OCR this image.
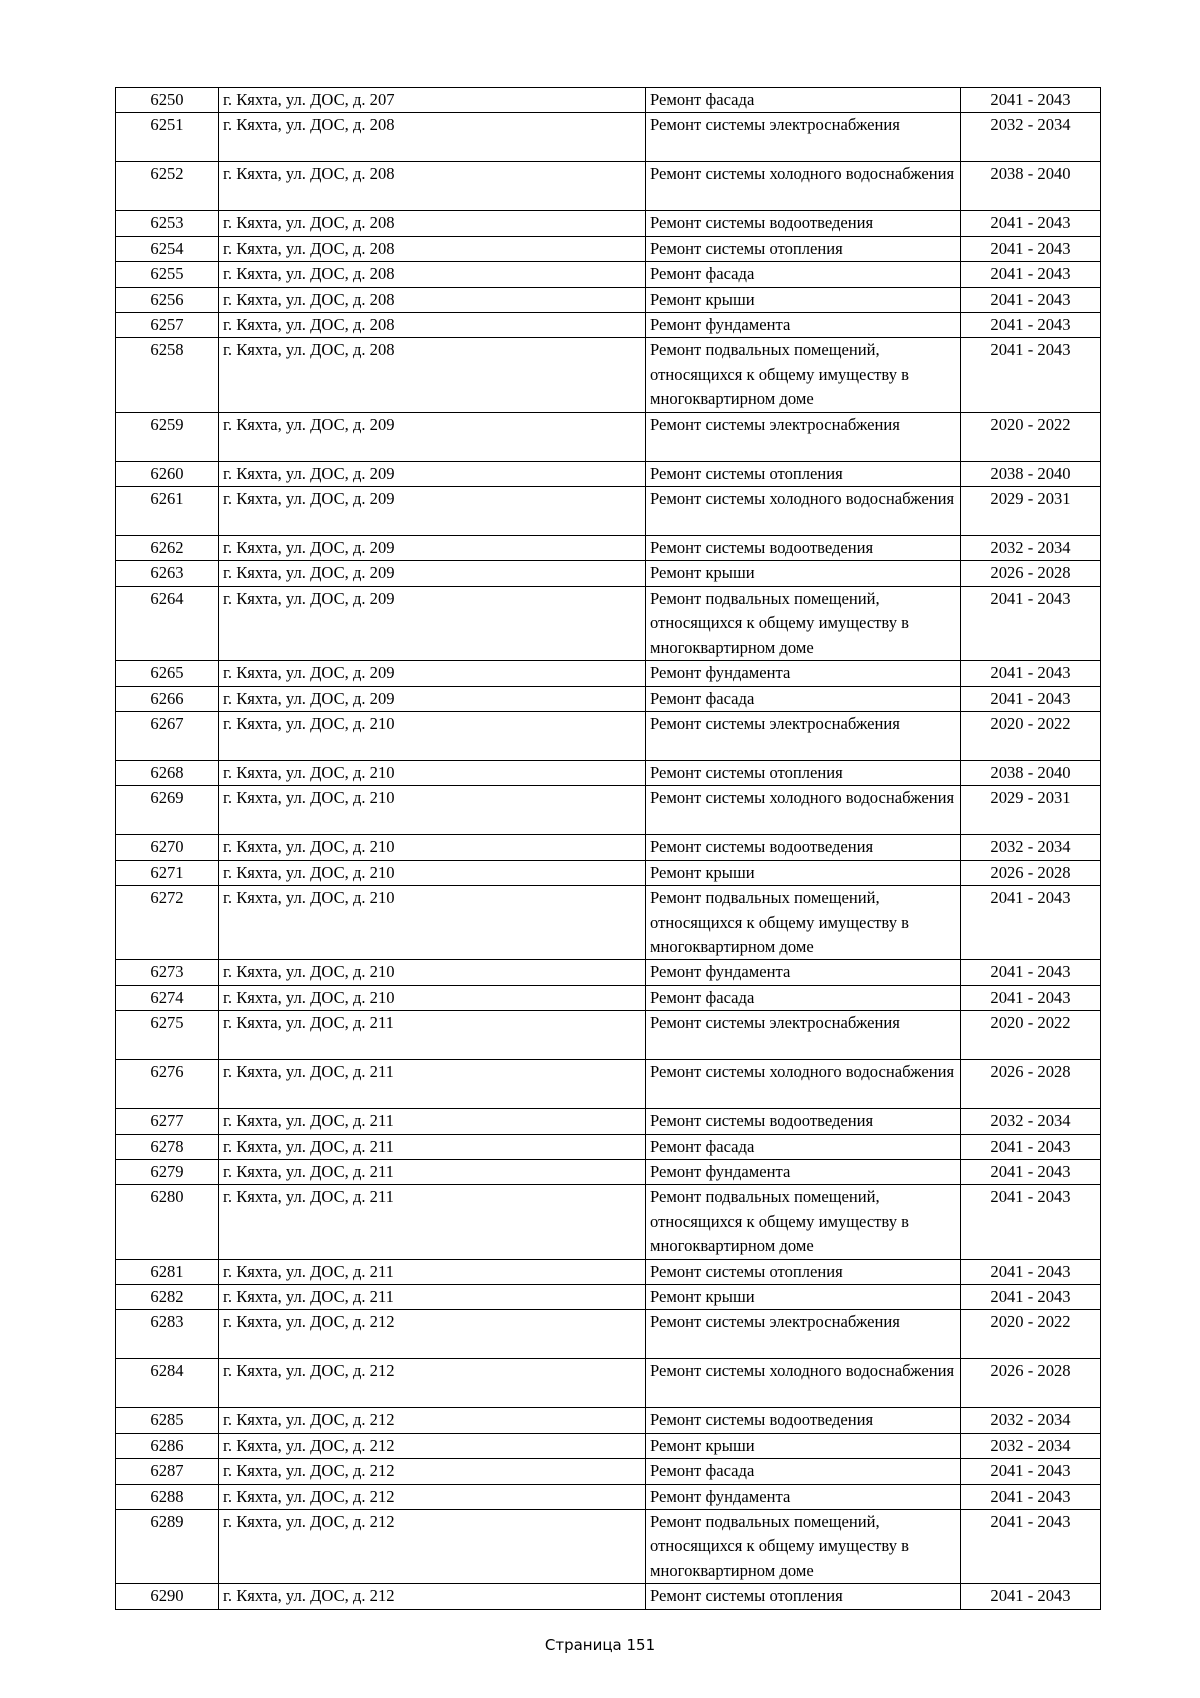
6250	г. Кяхта, ул. ДОС, д. 207	Ремонт фасада	2041 - 2043
6251	г. Кяхта, ул. ДОС, д. 208	Ремонт системы электроснабжения	2032 - 2034
6252	г. Кяхта, ул. ДОС, д. 208	Ремонт системы холодного водоснабжения	2038 - 2040
6253	г. Кяхта, ул. ДОС, д. 208	Ремонт системы водоотведения	2041 - 2043
6254	г. Кяхта, ул. ДОС, д. 208	Ремонт системы отопления	2041 - 2043
6255	г. Кяхта, ул. ДОС, д. 208	Ремонт фасада	2041 - 2043
6256	г. Кяхта, ул. ДОС, д. 208	Ремонт крыши	2041 - 2043
6257	г. Кяхта, ул. ДОС, д. 208	Ремонт фундамента	2041 - 2043
6258	г. Кяхта, ул. ДОС, д. 208	Ремонт подвальных помещений, относящихся к общему имуществу в многоквартирном доме	2041 - 2043
6259	г. Кяхта, ул. ДОС, д. 209	Ремонт системы электроснабжения	2020 - 2022
6260	г. Кяхта, ул. ДОС, д. 209	Ремонт системы отопления	2038 - 2040
6261	г. Кяхта, ул. ДОС, д. 209	Ремонт системы холодного водоснабжения	2029 - 2031
6262	г. Кяхта, ул. ДОС, д. 209	Ремонт системы водоотведения	2032 - 2034
6263	г. Кяхта, ул. ДОС, д. 209	Ремонт крыши	2026 - 2028
6264	г. Кяхта, ул. ДОС, д. 209	Ремонт подвальных помещений, относящихся к общему имуществу в многоквартирном доме	2041 - 2043
6265	г. Кяхта, ул. ДОС, д. 209	Ремонт фундамента	2041 - 2043
6266	г. Кяхта, ул. ДОС, д. 209	Ремонт фасада	2041 - 2043
6267	г. Кяхта, ул. ДОС, д. 210	Ремонт системы электроснабжения	2020 - 2022
6268	г. Кяхта, ул. ДОС, д. 210	Ремонт системы отопления	2038 - 2040
6269	г. Кяхта, ул. ДОС, д. 210	Ремонт системы холодного водоснабжения	2029 - 2031
6270	г. Кяхта, ул. ДОС, д. 210	Ремонт системы водоотведения	2032 - 2034
6271	г. Кяхта, ул. ДОС, д. 210	Ремонт крыши	2026 - 2028
6272	г. Кяхта, ул. ДОС, д. 210	Ремонт подвальных помещений, относящихся к общему имуществу в многоквартирном доме	2041 - 2043
6273	г. Кяхта, ул. ДОС, д. 210	Ремонт фундамента	2041 - 2043
6274	г. Кяхта, ул. ДОС, д. 210	Ремонт фасада	2041 - 2043
6275	г. Кяхта, ул. ДОС, д. 211	Ремонт системы электроснабжения	2020 - 2022
6276	г. Кяхта, ул. ДОС, д. 211	Ремонт системы холодного водоснабжения	2026 - 2028
6277	г. Кяхта, ул. ДОС, д. 211	Ремонт системы водоотведения	2032 - 2034
6278	г. Кяхта, ул. ДОС, д. 211	Ремонт фасада	2041 - 2043
6279	г. Кяхта, ул. ДОС, д. 211	Ремонт фундамента	2041 - 2043
6280	г. Кяхта, ул. ДОС, д. 211	Ремонт подвальных помещений, относящихся к общему имуществу в многоквартирном доме	2041 - 2043
6281	г. Кяхта, ул. ДОС, д. 211	Ремонт системы отопления	2041 - 2043
6282	г. Кяхта, ул. ДОС, д. 211	Ремонт крыши	2041 - 2043
6283	г. Кяхта, ул. ДОС, д. 212	Ремонт системы электроснабжения	2020 - 2022
6284	г. Кяхта, ул. ДОС, д. 212	Ремонт системы холодного водоснабжения	2026 - 2028
6285	г. Кяхта, ул. ДОС, д. 212	Ремонт системы водоотведения	2032 - 2034
6286	г. Кяхта, ул. ДОС, д. 212	Ремонт крыши	2032 - 2034
6287	г. Кяхта, ул. ДОС, д. 212	Ремонт фасада	2041 - 2043
6288	г. Кяхта, ул. ДОС, д. 212	Ремонт фундамента	2041 - 2043
6289	г. Кяхта, ул. ДОС, д. 212	Ремонт подвальных помещений, относящихся к общему имуществу в многоквартирном доме	2041 - 2043
6290	г. Кяхта, ул. ДОС, д. 212	Ремонт системы отопления	2041 - 2043
Страница 151
